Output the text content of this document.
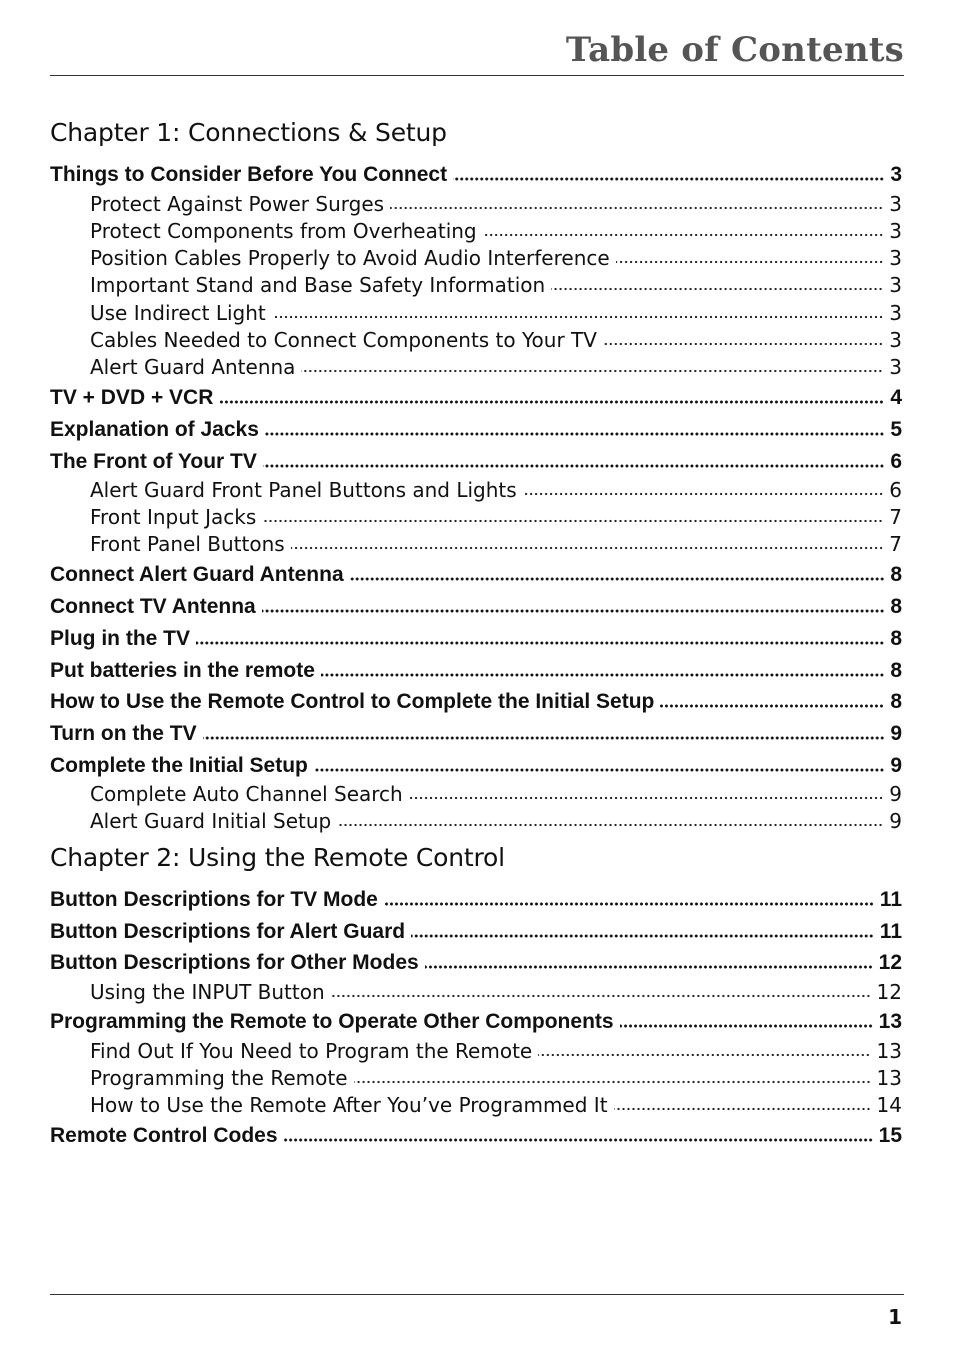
Table of Contents
Chapter 1: Connections & Setup
Things to Consider Before You Connect	3
Protect Against Power Surges	3
Protect Components from Overheating	3
Position Cables Properly to Avoid Audio Interference	3
Important Stand and Base Safety Information	3
Use Indirect Light	3
Cables Needed to Connect Components to Your TV	3
Alert Guard Antenna	3
TV + DVD + VCR	4
Explanation of Jacks	5
The Front of Your TV	6
Alert Guard Front Panel Buttons and Lights	6
Front Input Jacks	7
Front Panel Buttons	7
Connect Alert Guard Antenna	8
Connect TV Antenna	8
Plug in the TV	8
Put batteries in the remote	8
How to Use the Remote Control to Complete the Initial Setup	8
Turn on the TV	9
Complete the Initial Setup	9
Complete Auto Channel Search	9
Alert Guard Initial Setup	9
Chapter 2: Using the Remote Control
Button Descriptions for TV Mode	11
Button Descriptions for Alert Guard	11
Button Descriptions for Other Modes	12
Using the INPUT Button	12
Programming the Remote to Operate Other Components	13
Find Out If You Need to Program the Remote	13
Programming the Remote	13
How to Use the Remote After You’ve Programmed It	14
Remote Control Codes	15
1
